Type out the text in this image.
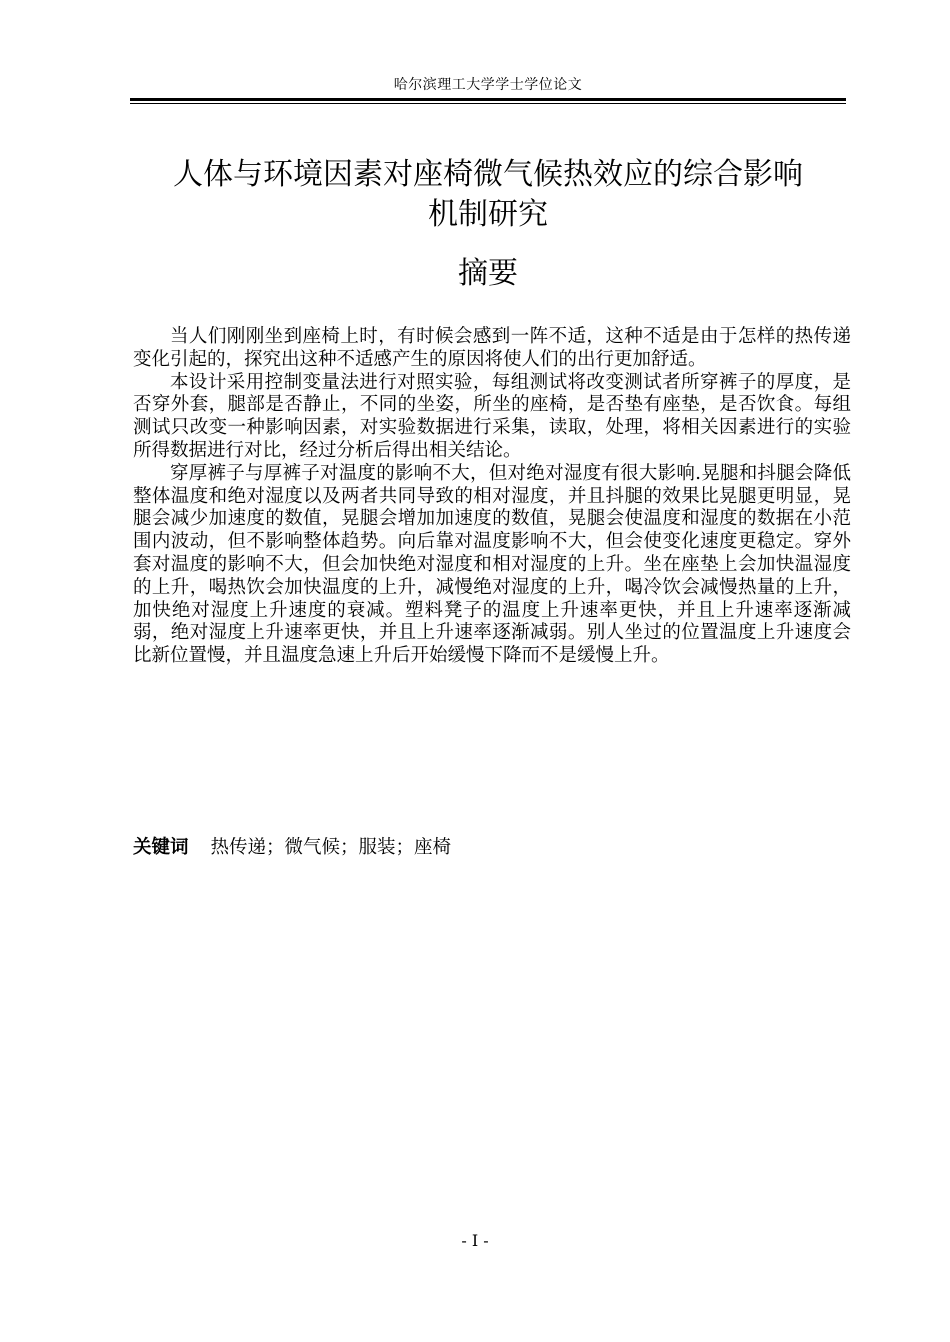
哈尔滨理工大学学士学位论文
人体与环境因素对座椅微气候热效应的综合影响
机制研究
摘要

当人们刚刚坐到座椅上时，有时候会感到一阵不适，这种不适是由于怎样的热传递变化引起的，探究出这种不适感产生的原因将使人们的出行更加舒适。

本设计采用控制变量法进行对照实验，每组测试将改变测试者所穿裤子的厚度，是否穿外套，腿部是否静止，不同的坐姿，所坐的座椅，是否垫有座垫，是否饮食。每组测试只改变一种影响因素，对实验数据进行采集，读取，处理，将相关因素进行的实验所得数据进行对比，经过分析后得出相关结论。

穿厚裤子与厚裤子对温度的影响不大，但对绝对湿度有很大影响.晃腿和抖腿会降低整体温度和绝对湿度以及两者共同导致的相对湿度，并且抖腿的效果比晃腿更明显，晃腿会减少加速度的数值，晃腿会增加加速度的数值，晃腿会使温度和湿度的数据在小范围内波动，但不影响整体趋势。向后靠对温度影响不大，但会使变化速度更稳定。穿外套对温度的影响不大，但会加快绝对湿度和相对湿度的上升。坐在座垫上会加快温湿度的上升，喝热饮会加快温度的上升，减慢绝对湿度的上升，喝冷饮会减慢热量的上升，加快绝对湿度上升速度的衰减。塑料凳子的温度上升速率更快，并且上升速率逐渐减弱，绝对湿度上升速率更快，并且上升速率逐渐减弱。别人坐过的位置温度上升速度会比新位置慢，并且温度急速上升后开始缓慢下降而不是缓慢上升。

关键词 热传递；微气候；服装；座椅
- I -
